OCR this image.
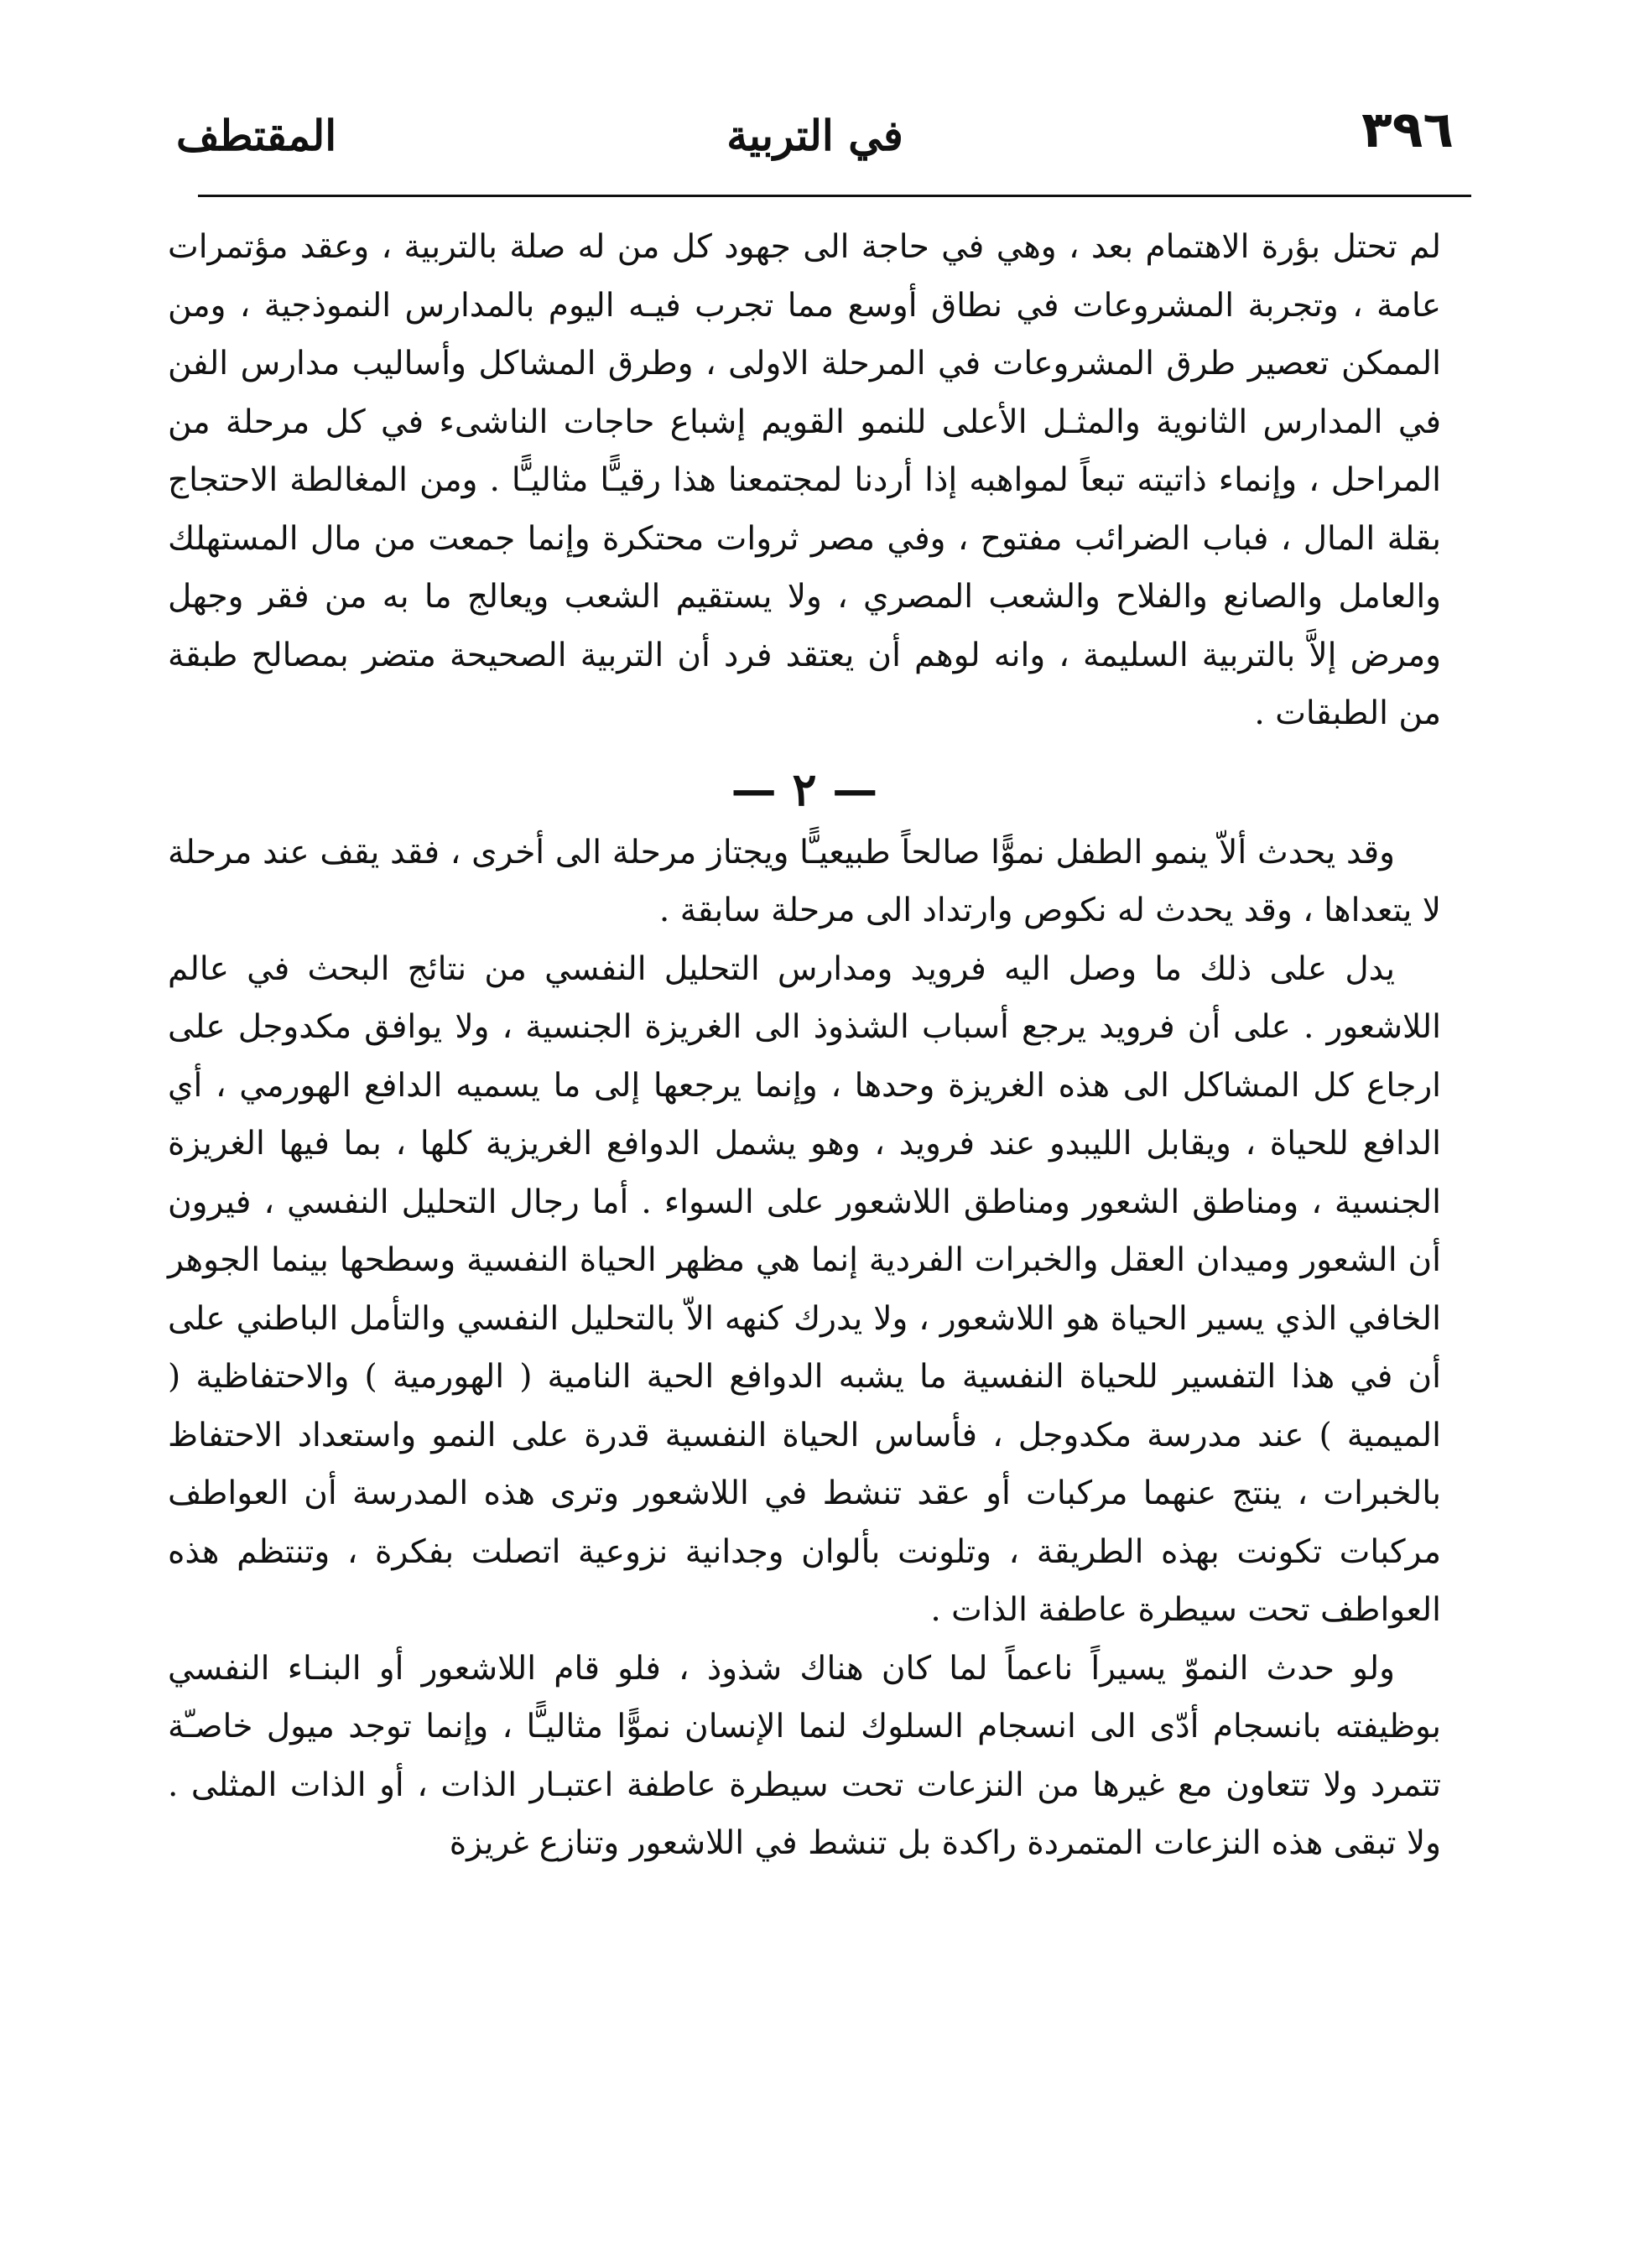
٣٩٦
في التربية
المقتطف

لم تحتل بؤرة الاهتمام بعد ، وهي في حاجة الى جهود كل من له صلة بالتربية ، وعقد مؤتمرات عامة ، وتجربة المشروعات في نطاق أوسع مما تجرب فيـه اليوم بالمدارس النموذجية ، ومن الممكن تعصير طرق المشروعات في المرحلة الاولى ، وطرق المشاكل وأساليب مدارس الفن في المدارس الثانوية والمثـل الأعلى للنمو القويم إشباع حاجات الناشىء في كل مرحلة من المراحل ، وإنماء ذاتيته تبعاً لمواهبه إذا أردنا لمجتمعنا هذا رقيـًّا مثاليـًّا . ومن المغالطة الاحتجاج بقلة المال ، فباب الضرائب مفتوح ، وفي مصر ثروات محتكرة وإنما جمعت من مال المستهلك والعامل والصانع والفلاح والشعب المصري ، ولا يستقيم الشعب ويعالج ما به من فقر وجهل ومرض إلاَّ بالتربية السليمة ، وانه لوهم أن يعتقد فرد أن التربية الصحيحة متضر بمصالح طبقة من الطبقات .

— ٢ —

وقد يحدث ألاّ ينمو الطفل نموًّا صالحاً طبيعيـًّا ويجتاز مرحلة الى أخرى ، فقد يقف عند مرحلة لا يتعداها ، وقد يحدث له نكوص وارتداد الى مرحلة سابقة .

يدل على ذلك ما وصل اليه فرويد ومدارس التحليل النفسي من نتائج البحث في عالم اللاشعور . على أن فرويد يرجع أسباب الشذوذ الى الغريزة الجنسية ، ولا يوافق مكدوجل على ارجاع كل المشاكل الى هذه الغريزة وحدها ، وإنما يرجعها إلى ما يسميه الدافع الهورمي ، أي الدافع للحياة ، ويقابل الليبدو عند فرويد ، وهو يشمل الدوافع الغريزية كلها ، بما فيها الغريزة الجنسية ، ومناطق الشعور ومناطق اللاشعور على السواء . أما رجال التحليل النفسي ، فيرون أن الشعور وميدان العقل والخبرات الفردية إنما هي مظهر الحياة النفسية وسطحها بينما الجوهر الخافي الذي يسير الحياة هو اللاشعور ، ولا يدرك كنهه الاّ بالتحليل النفسي والتأمل الباطني على أن في هذا التفسير للحياة النفسية ما يشبه الدوافع الحية النامية ( الهورمية ) والاحتفاظية ( الميمية ) عند مدرسة مكدوجل ، فأساس الحياة النفسية قدرة على النمو واستعداد الاحتفاظ بالخبرات ، ينتج عنهما مركبات أو عقد تنشط في اللاشعور وترى هذه المدرسة أن العواطف مركبات تكونت بهذه الطريقة ، وتلونت بألوان وجدانية نزوعية اتصلت بفكرة ، وتنتظم هذه العواطف تحت سيطرة عاطفة الذات .

ولو حدث النموّ يسيراً ناعماً لما كان هناك شذوذ ، فلو قام اللاشعور أو البنـاء النفسي بوظيفته بانسجام أدّى الى انسجام السلوك لنما الإنسان نموًّا مثاليـًّا ، وإنما توجد ميول خاصـّة تتمرد ولا تتعاون مع غيرها من النزعات تحت سيطرة عاطفة اعتبـار الذات ، أو الذات المثلى . ولا تبقى هذه النزعات المتمردة راكدة بل تنشط في اللاشعور وتنازع غريزة
